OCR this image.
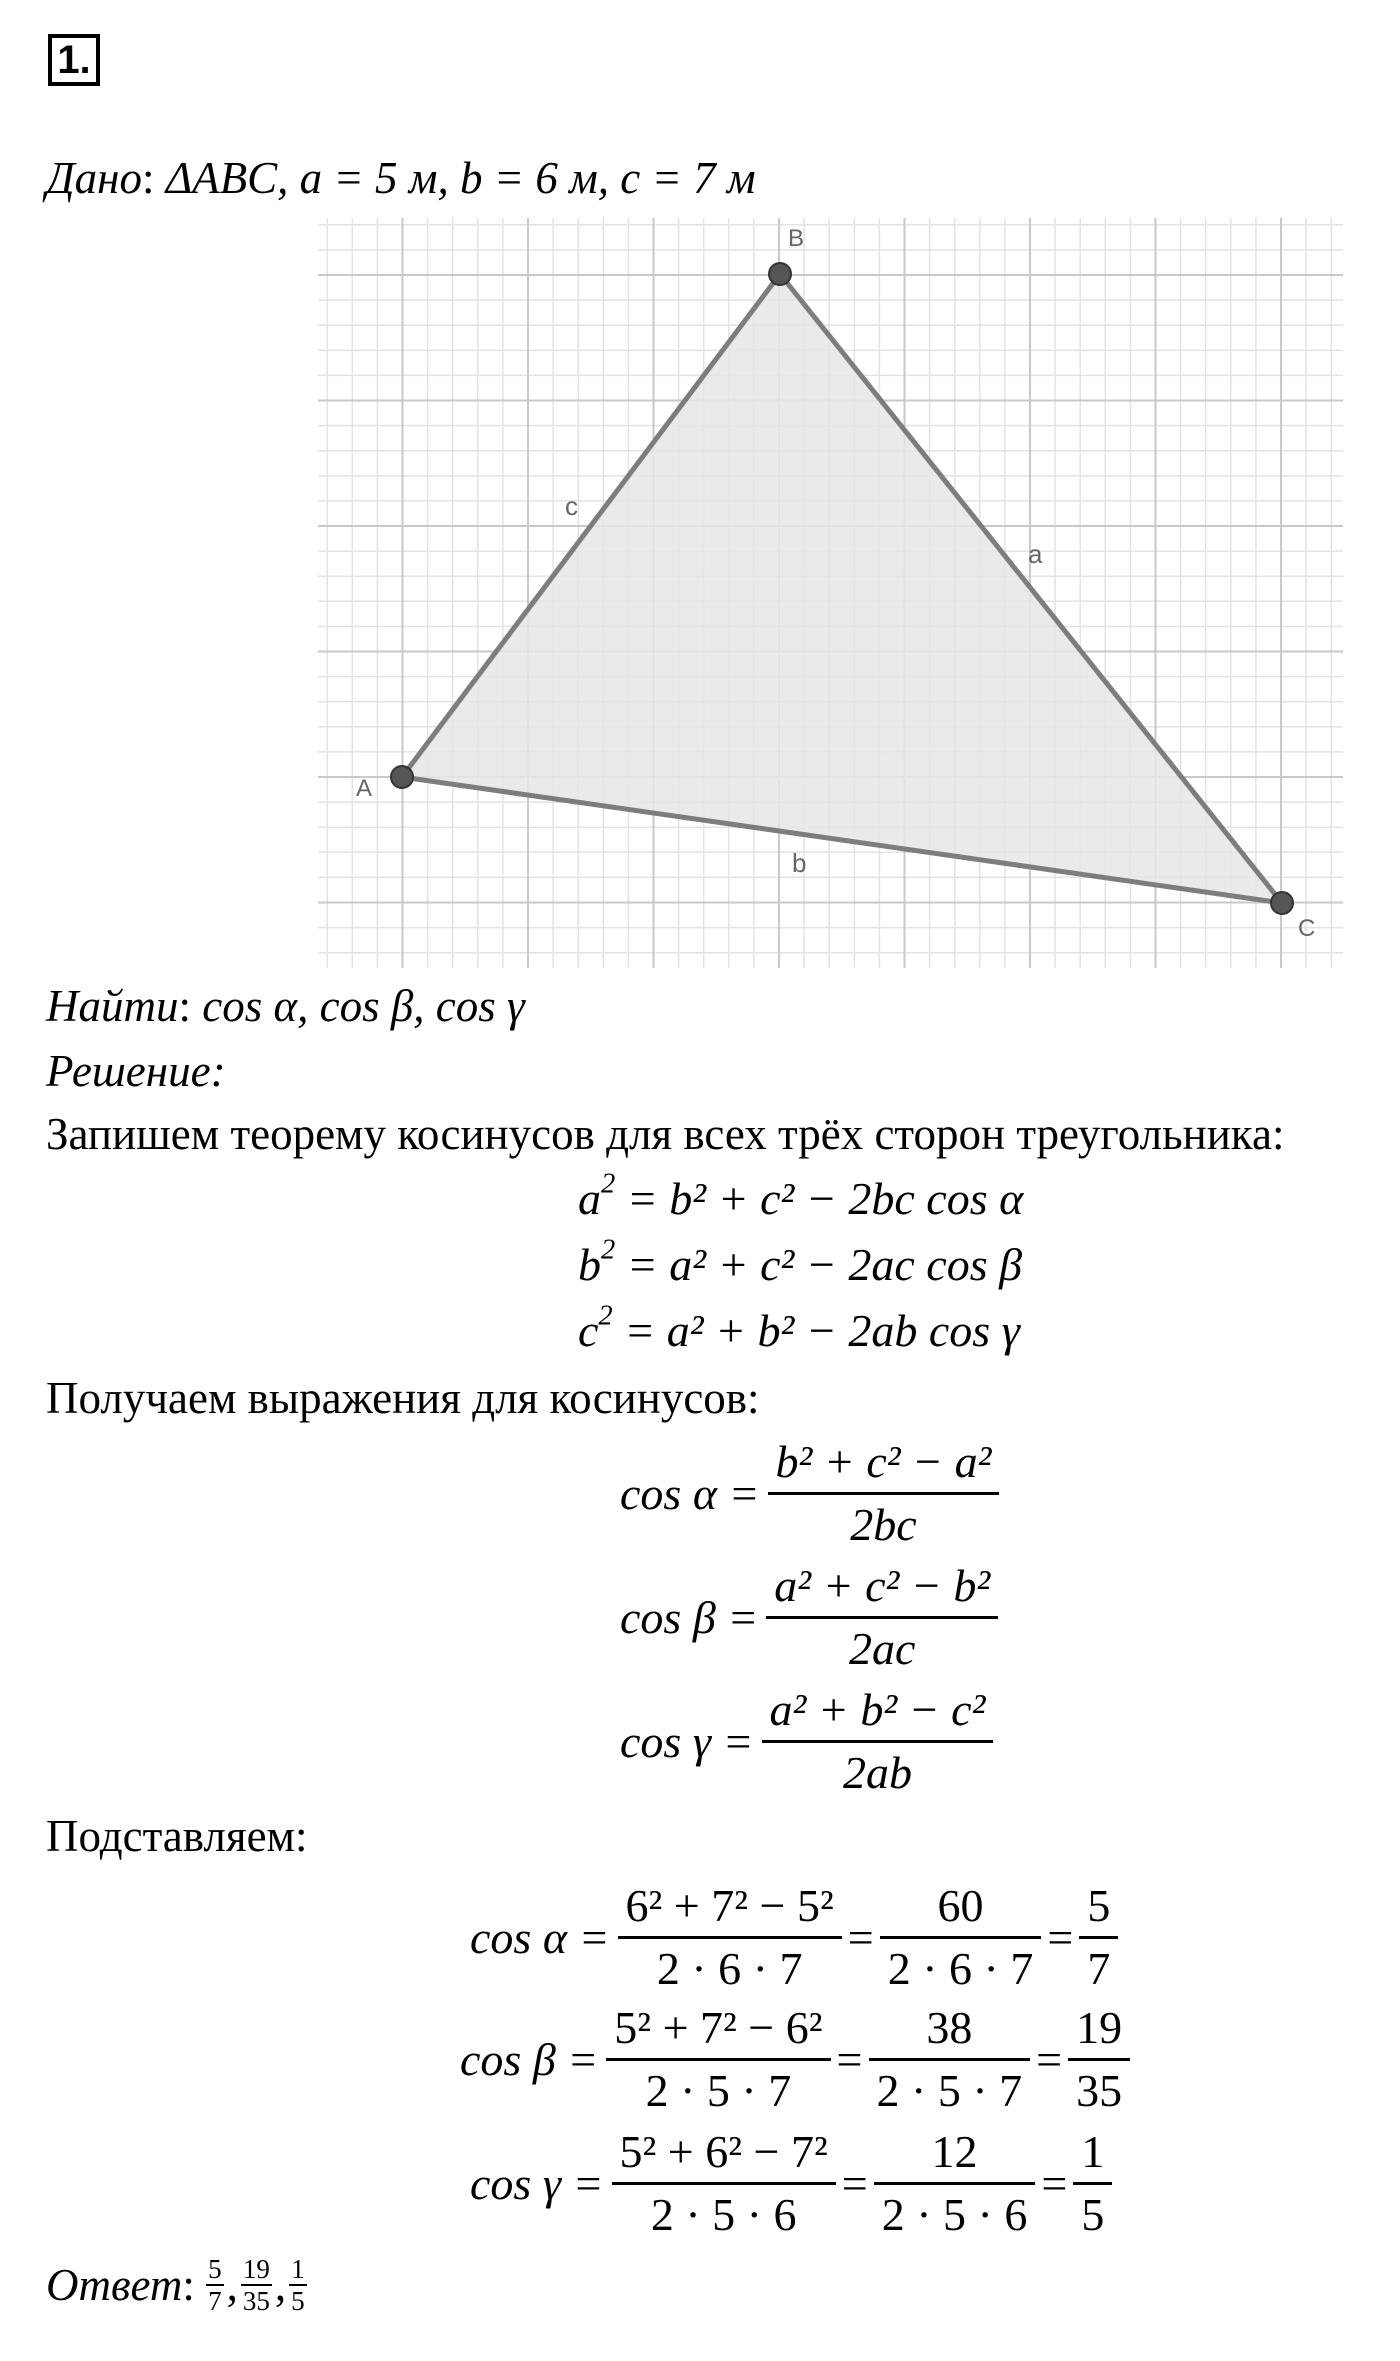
1.
Дано: ΔABC, a = 5 м, b = 6 м, c = 7 м
A
B
C
c
a
b
Найти: cos α, cos β, cos γ
Решение:
Запишем теорему косинусов для всех трёх сторон треугольника:
$a^2 = b^2 + c^2 - 2bc$ cos α
$b^2 = a^2 + c^2 - 2ac$ cos β
$c^2 = a^2 + b^2 - 2ab$ cos γ
Получаем выражения для косинусов:
$\cos \alpha = \frac{\text{b² + c² − a²}}{2bc}$
$\cos \beta = \frac{\text{a² + c² − b²}}{2ac}$
$\cos \gamma = \frac{\text{a² + b² − c²}}{2ab}$
Подставляем:
$\cos \alpha = \frac{\text{6² + 7² − 5²}}{2 \cdot 6 \cdot 7} = \frac{60}{2 \cdot 6 \cdot 7} = \frac{5}{7}$
$\cos \beta = \frac{\text{5² + 7² − 6²}}{2 \cdot 5 \cdot 7} = \frac{38}{2 \cdot 5 \cdot 7} = \frac{19}{35}$
$\cos \gamma = \frac{\text{5² + 6² − 7²}}{2 \cdot 5 \cdot 6} = \frac{12}{2 \cdot 5 \cdot 6} = \frac{1}{5}$
Ответ : $\frac{5}{7}$ , $\frac{19}{35}$ , $\frac{1}{5}$
